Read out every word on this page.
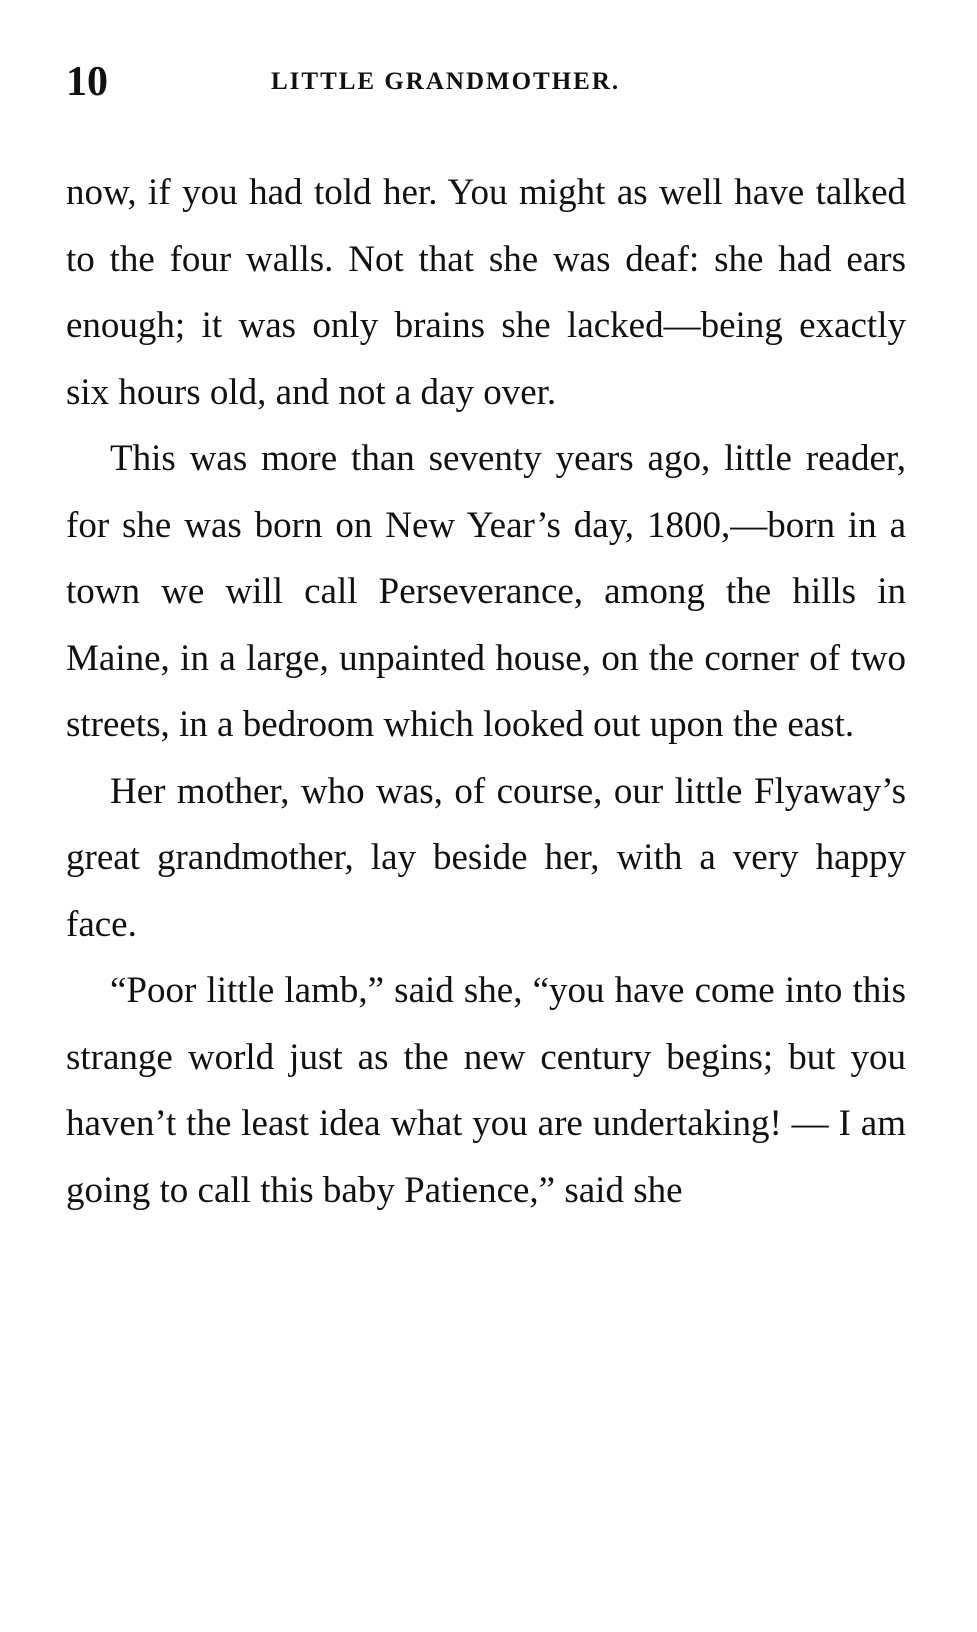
10	LITTLE GRANDMOTHER.

now, if you had told her. You might as well have talked to the four walls. Not that she was deaf: she had ears enough; it was only brains she lacked—being exactly six hours old, and not a day over.

This was more than seventy years ago, little reader, for she was born on New Year’s day, 1800,—born in a town we will call Perseverance, among the hills in Maine, in a large, unpainted house, on the corner of two streets, in a bedroom which looked out upon the east.

Her mother, who was, of course, our little Flyaway’s great grandmother, lay beside her, with a very happy face.

“Poor little lamb,” said she, “you have come into this strange world just as the new century begins; but you haven’t the least idea what you are undertaking! — I am going to call this baby Patience,” said she
